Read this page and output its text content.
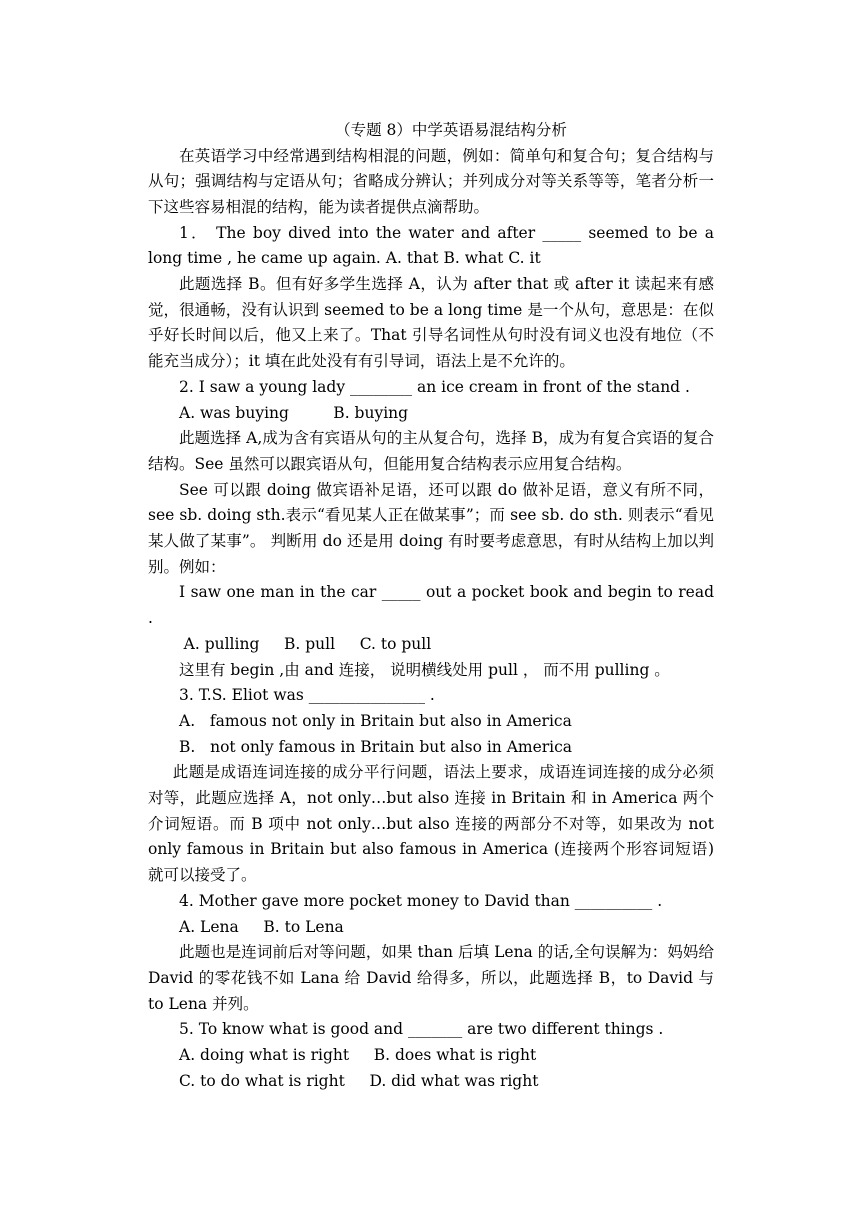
（专题 8）中学英语易混结构分析

在英语学习中经常遇到结构相混的问题，例如：简单句和复合句；复合结构与从句；强调结构与定语从句；省略成分辨认；并列成分对等关系等等，笔者分析一下这些容易相混的结构，能为读者提供点滴帮助。

1． The boy dived into the water and after _____ seemed to be a long time , he came up again. A. that B. what C. it

此题选择 B。但有好多学生选择 A，认为 after that 或 after it 读起来有感觉，很通畅，没有认识到 seemed to be a long time 是一个从句，意思是：在似乎好长时间以后，他又上来了。That 引导名词性从句时没有词义也没有地位（不能充当成分）；it 填在此处没有有引导词，语法上是不允许的。

2. I saw a young lady ________ an ice cream in front of the stand .

A. was buying         B. buying

此题选择 A,成为含有宾语从句的主从复合句，选择 B，成为有复合宾语的复合结构。See 虽然可以跟宾语从句，但能用复合结构表示应用复合结构。

See 可以跟 doing 做宾语补足语，还可以跟 do 做补足语，意义有所不同，see sb. doing sth.表示“看见某人正在做某事”；而 see sb. do sth. 则表示“看见某人做了某事”。 判断用 do 还是用 doing 有时要考虑意思，有时从结构上加以判别。例如：

I saw one man in the car _____ out a pocket book and begin to read .

A. pulling     B. pull     C. to pull

这里有 begin ,由 and 连接， 说明横线处用 pull ， 而不用 pulling 。

3. T.S. Eliot was _______________ .

A.   famous not only in Britain but also in America

B.   not only famous in Britain but also in America

此题是成语连词连接的成分平行问题，语法上要求，成语连词连接的成分必须对等，此题应选择 A，not only…but also 连接 in Britain 和 in America 两个介词短语。而 B 项中 not only…but also 连接的两部分不对等，如果改为 not only famous in Britain but also famous in America (连接两个形容词短语) 就可以接受了。

4. Mother gave more pocket money to David than __________ .

A. Lena     B. to Lena

此题也是连词前后对等问题，如果 than 后填 Lena 的话,全句误解为：妈妈给 David 的零花钱不如 Lana 给 David 给得多，所以，此题选择 B，to David 与 to Lena 并列。

5. To know what is good and _______ are two different things .

A. doing what is right     B. does what is right

C. to do what is right     D. did what was right
